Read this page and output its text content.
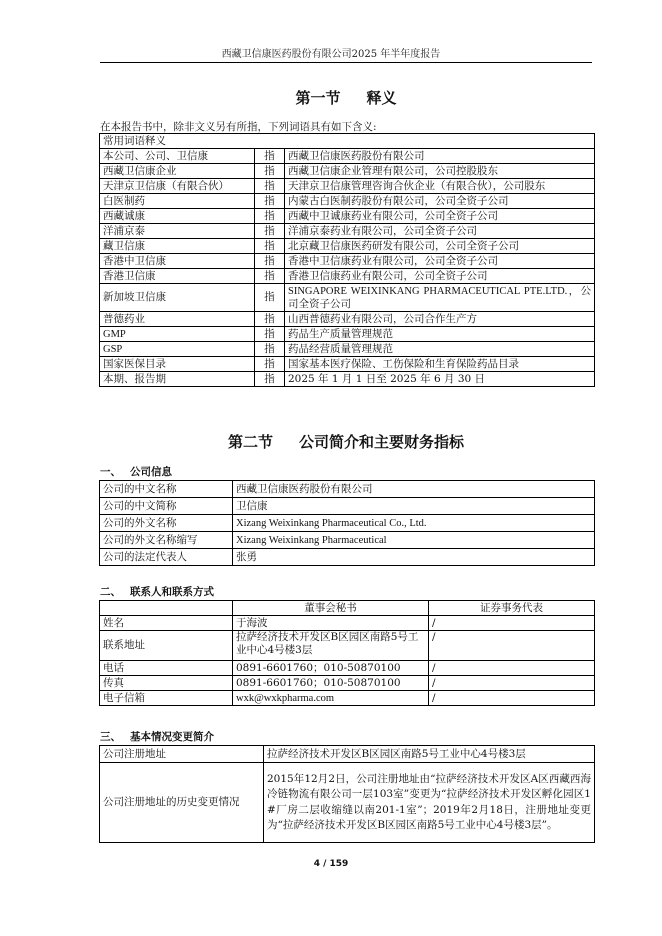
西藏卫信康医药股份有限公司2025 年半年度报告
第一节 释义
在本报告书中，除非文义另有所指，下列词语具有如下含义:
常用词语释义		
本公司、公司、卫信康	指	西藏卫信康医药股份有限公司
西藏卫信康企业	指	西藏卫信康企业管理有限公司，公司控股股东
天津京卫信康（有限合伙）	指	天津京卫信康管理咨询合伙企业（有限合伙），公司股东
白医制药	指	内蒙古白医制药股份有限公司，公司全资子公司
西藏诚康	指	西藏中卫诚康药业有限公司，公司全资子公司
洋浦京泰	指	洋浦京泰药业有限公司，公司全资子公司
藏卫信康	指	北京藏卫信康医药研发有限公司，公司全资子公司
香港中卫信康	指	香港中卫信康药业有限公司，公司全资子公司
香港卫信康	指	香港卫信康药业有限公司，公司全资子公司
新加坡卫信康	指	SINGAPORE WEIXINKANG PHARMACEUTICAL PTE.LTD.，公司全资子公司
普德药业	指	山西普德药业有限公司，公司合作生产方
GMP	指	药品生产质量管理规范
GSP	指	药品经营质量管理规范
国家医保目录	指	国家基本医疗保险、工伤保险和生育保险药品目录
本期、报告期	指	2025 年 1 月 1 日至 2025 年 6 月 30 日
第二节 公司简介和主要财务指标
一、 公司信息
公司的中文名称	西藏卫信康医药股份有限公司
公司的中文简称	卫信康
公司的外文名称	Xizang Weixinkang Pharmaceutical Co., Ltd.
公司的外文名称缩写	Xizang Weixinkang Pharmaceutical
公司的法定代表人	张勇
二、 联系人和联系方式
	董事会秘书	证券事务代表
姓名	于海波	/
联系地址	拉萨经济技术开发区B区园区南路5号工业中心4号楼3层	/
电话	0891-6601760；010-50870100	/
传真	0891-6601760；010-50870100	/
电子信箱	wxk@wxkpharma.com	/
三、 基本情况变更简介
公司注册地址	拉萨经济技术开发区B区园区南路5号工业中心4号楼3层
公司注册地址的历史变更情况	2015年12月2日，公司注册地址由“拉萨经济技术开发区A区西藏西海冷链物流有限公司一层103室”变更为“拉萨经济技术开发区孵化园区1#厂房二层收缩缝以南201-1室”；2019年2月18日，注册地址变更为“拉萨经济技术开发区B区园区南路5号工业中心4号楼3层”。
4 / 159
